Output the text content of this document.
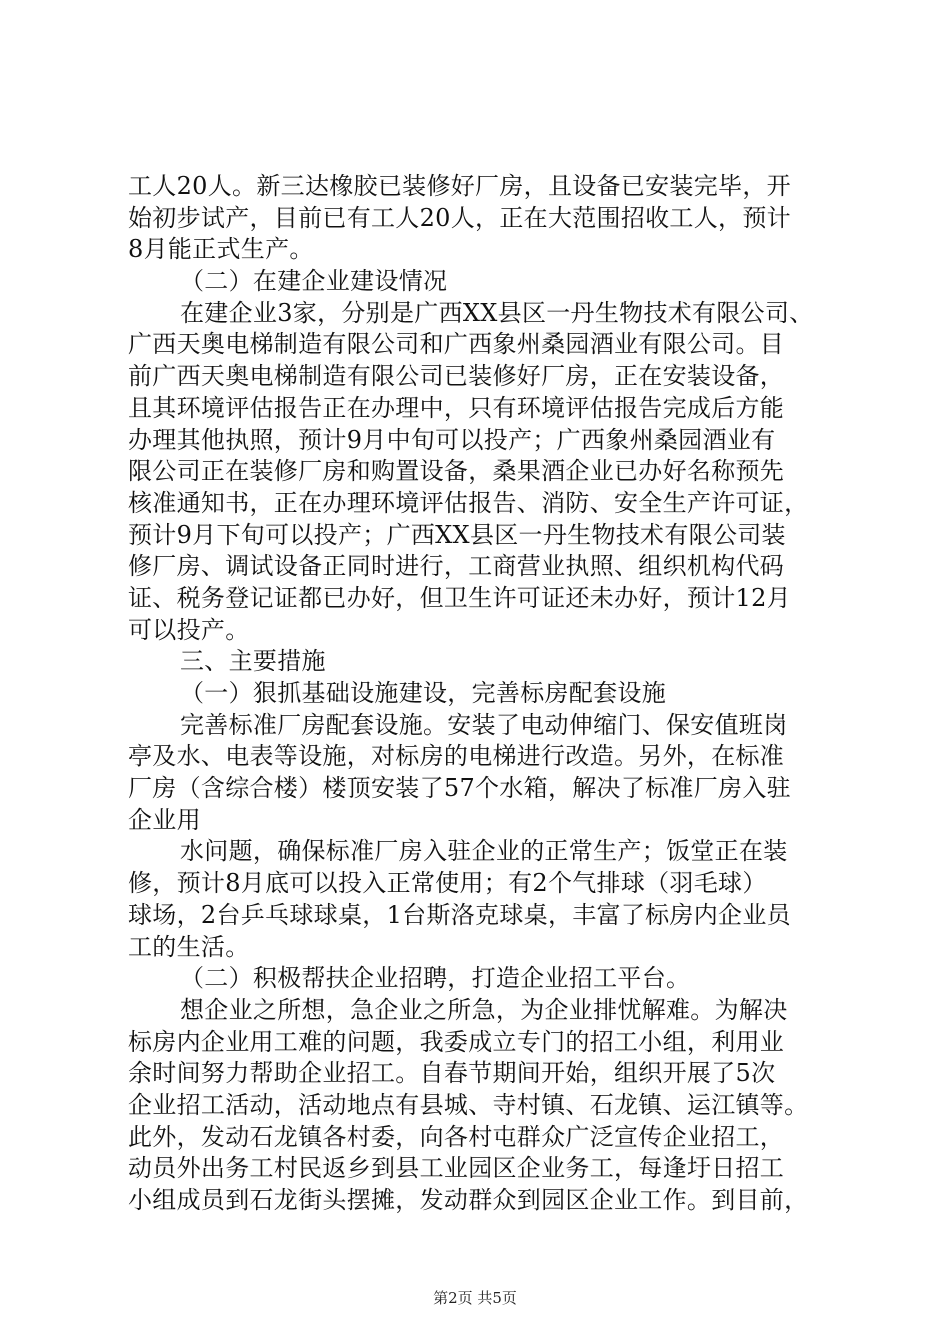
工人20人。新三达橡胶已装修好厂房，且设备已安装完毕，开
始初步试产，目前已有工人20人，正在大范围招收工人，预计
8月能正式生产。
（二）在建企业建设情况
在建企业3家，分别是广西XX县区一丹生物技术有限公司、
广西天奥电梯制造有限公司和广西象州桑园酒业有限公司。目
前广西天奥电梯制造有限公司已装修好厂房，正在安装设备，
且其环境评估报告正在办理中，只有环境评估报告完成后方能
办理其他执照，预计9月中旬可以投产；广西象州桑园酒业有
限公司正在装修厂房和购置设备，桑果酒企业已办好名称预先
核准通知书，正在办理环境评估报告、消防、安全生产许可证，
预计9月下旬可以投产；广西XX县区一丹生物技术有限公司装
修厂房、调试设备正同时进行，工商营业执照、组织机构代码
证、税务登记证都已办好，但卫生许可证还未办好，预计12月
可以投产。
三、主要措施
（一）狠抓基础设施建设，完善标房配套设施
完善标准厂房配套设施。安装了电动伸缩门、保安值班岗
亭及水、电表等设施，对标房的电梯进行改造。另外，在标准
厂房（含综合楼）楼顶安装了57个水箱，解决了标准厂房入驻
企业用
水问题，确保标准厂房入驻企业的正常生产；饭堂正在装
修，预计8月底可以投入正常使用；有2个气排球（羽毛球）
球场，2台乒乓球球桌，1台斯洛克球桌，丰富了标房内企业员
工的生活。
（二）积极帮扶企业招聘，打造企业招工平台。
想企业之所想，急企业之所急，为企业排忧解难。为解决
标房内企业用工难的问题，我委成立专门的招工小组，利用业
余时间努力帮助企业招工。自春节期间开始，组织开展了5次
企业招工活动，活动地点有县城、寺村镇、石龙镇、运江镇等。
此外，发动石龙镇各村委，向各村屯群众广泛宣传企业招工，
动员外出务工村民返乡到县工业园区企业务工，每逢圩日招工
小组成员到石龙街头摆摊，发动群众到园区企业工作。到目前，
第2页 共5页
